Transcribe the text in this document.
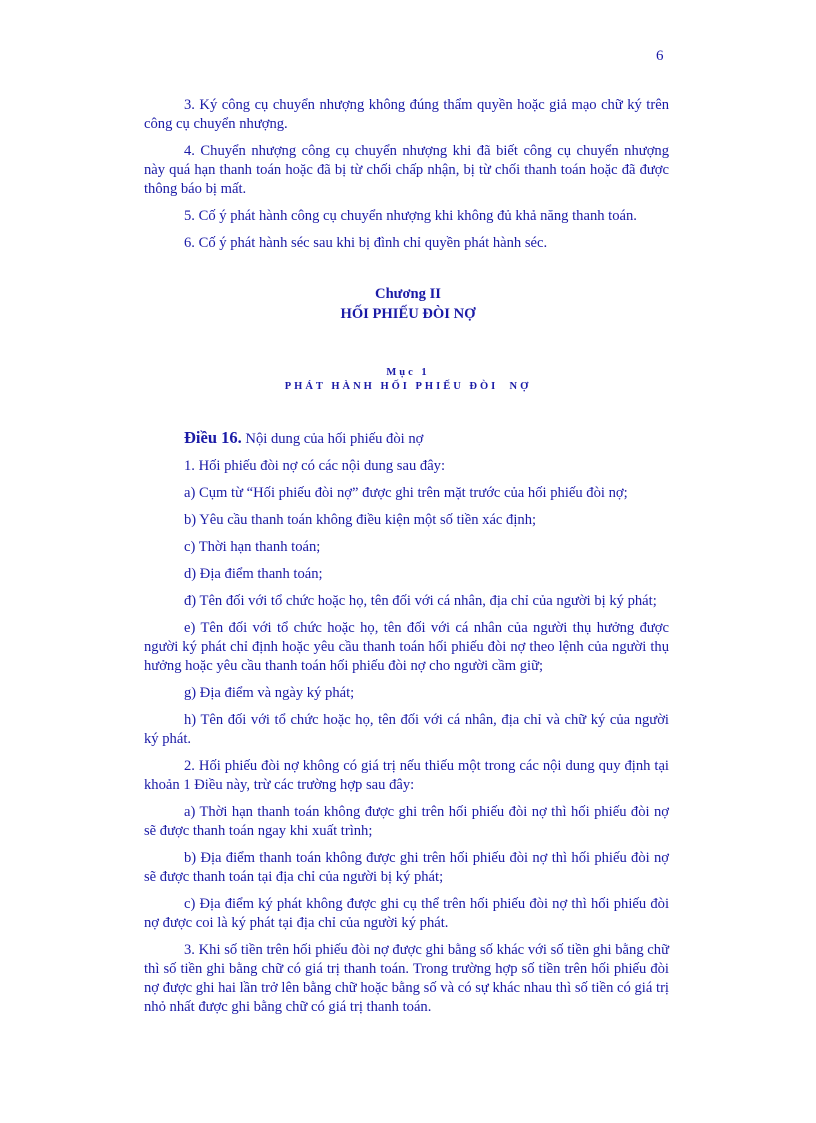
6

3. Ký công cụ chuyển nhượng không đúng thẩm quyền hoặc giả mạo chữ ký trên công cụ chuyển nhượng.

4. Chuyển nhượng công cụ chuyển nhượng khi đã biết công cụ chuyển nhượng này quá hạn thanh toán hoặc đã bị từ chối chấp nhận, bị từ chối thanh toán hoặc đã được thông báo bị mất.

5. Cố ý phát hành công cụ chuyển nhượng khi không đủ khả năng thanh toán.

6. Cố ý phát hành séc sau khi bị đình chỉ quyền phát hành séc.

Chương II
HỐI PHIẾU ĐÒI NỢ
Mục 1
PHÁT HÀNH HỐI PHIẾU ĐÒI  NỢ

Điều 16. Nội dung của hối phiếu đòi nợ

1. Hối phiếu đòi nợ có các nội dung sau đây:

a) Cụm từ “Hối phiếu đòi nợ” được ghi trên mặt trước của hối phiếu đòi nợ;

b) Yêu cầu thanh toán không điều kiện một số tiền xác định;

c) Thời hạn thanh toán;

d) Địa điểm thanh toán;

đ) Tên đối với tổ chức hoặc họ, tên đối với cá nhân, địa chỉ của người bị ký phát;

e) Tên đối với tổ chức hoặc họ, tên đối với cá nhân của người thụ hưởng được người ký phát chỉ định hoặc yêu cầu thanh toán hối phiếu đòi nợ theo lệnh của người thụ hưởng hoặc yêu cầu thanh toán hối phiếu đòi nợ cho người cầm giữ;

g) Địa điểm và ngày ký phát;

h) Tên đối với tổ chức hoặc họ, tên đối với cá nhân, địa chỉ và chữ ký của người ký phát.

2. Hối phiếu đòi nợ không có giá trị nếu thiếu một trong các nội dung quy định tại khoản 1 Điều này, trừ các trường hợp sau đây:

a) Thời hạn thanh toán không được ghi trên hối phiếu đòi nợ thì hối phiếu đòi nợ sẽ được thanh toán ngay khi xuất trình;

b) Địa điểm thanh toán không được ghi trên hối phiếu đòi nợ thì hối phiếu đòi nợ sẽ được thanh toán tại địa chỉ của người bị ký phát;

c) Địa điểm ký phát không được ghi cụ thể trên hối phiếu đòi nợ thì hối phiếu đòi nợ được coi là ký phát tại địa chỉ của người ký phát.

3. Khi số tiền trên hối phiếu đòi nợ được ghi bằng số khác với số tiền ghi bằng chữ thì số tiền ghi bằng chữ có giá trị thanh toán. Trong trường hợp số tiền trên hối phiếu đòi nợ được ghi hai lần trở lên bằng chữ hoặc bằng số và có sự khác nhau thì số tiền có giá trị nhỏ nhất được ghi bằng chữ có giá trị thanh toán.
